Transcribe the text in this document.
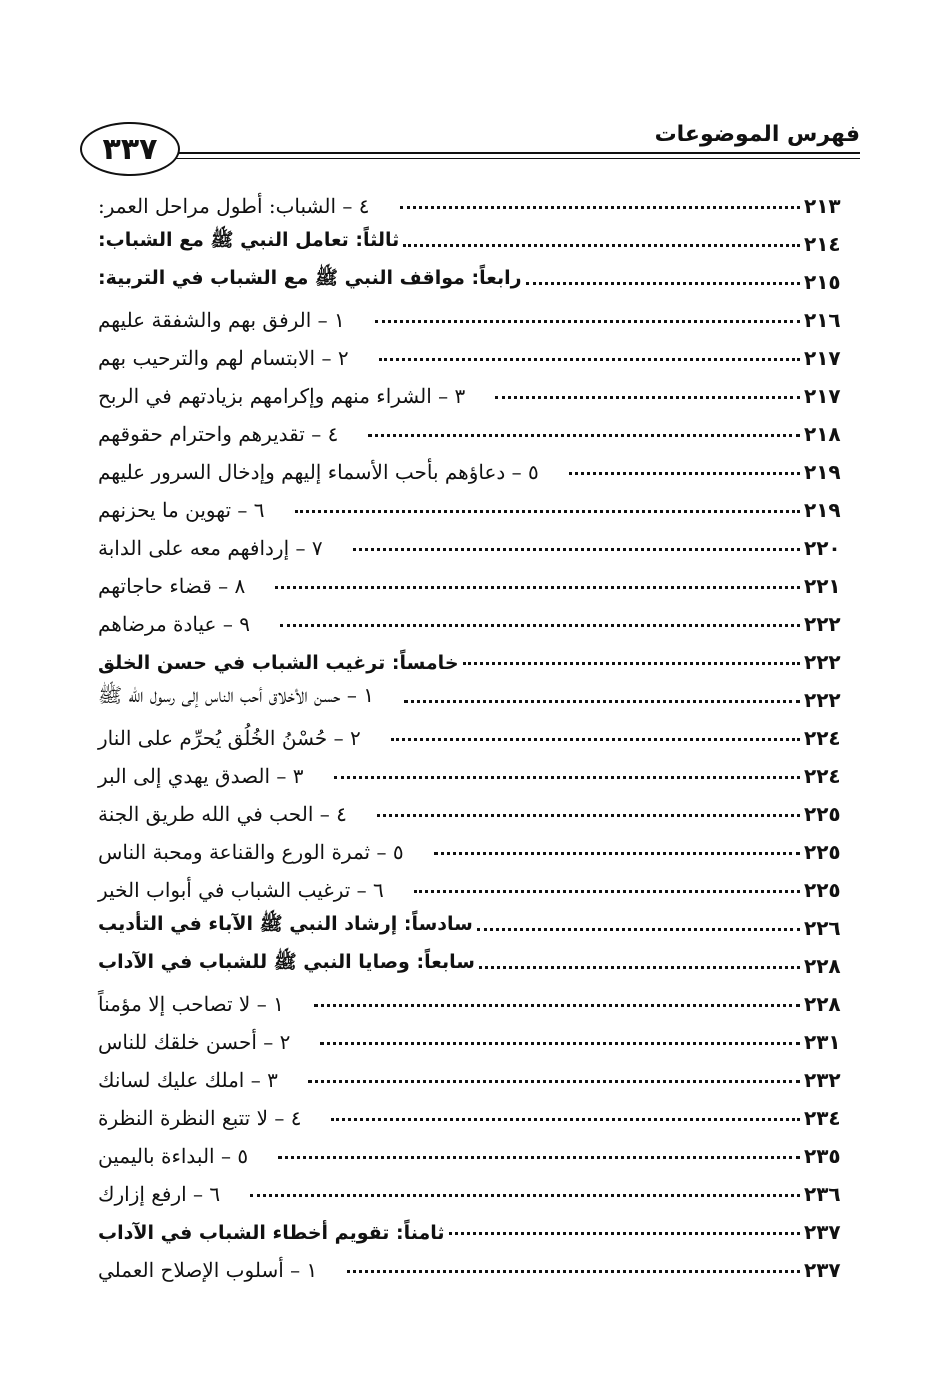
٣٣٧	فهرس الموضوعات
٤ – الشباب: أطول مراحل العمر:	٢١٣
ثالثاً: تعامل النبي ﷺ مع الشباب:	٢١٤
رابعاً: مواقف النبي ﷺ مع الشباب في التربية:	٢١٥
١ – الرفق بهم والشفقة عليهم	٢١٦
٢ – الابتسام لهم والترحيب بهم	٢١٧
٣ – الشراء منهم وإكرامهم بزيادتهم في الربح	٢١٧
٤ – تقديرهم واحترام حقوقهم	٢١٨
٥ – دعاؤهم بأحب الأسماء إليهم وإدخال السرور عليهم	٢١٩
٦ – تهوين ما يحزنهم	٢١٩
٧ – إردافهم معه على الدابة	٢٢٠
٨ – قضاء حاجاتهم	٢٢١
٩ – عيادة مرضاهم	٢٢٢
خامساً: ترغيب الشباب في حسن الخلق	٢٢٢
١ – حسن الأخلاق أحب الناس إلى رسول الله ﷺ	٢٢٢
٢ – حُسْنُ الخُلُق يُحرِّم على النار	٢٢٤
٣ – الصدق يهدي إلى البر	٢٢٤
٤ – الحب في الله طريق الجنة	٢٢٥
٥ – ثمرة الورع والقناعة ومحبة الناس	٢٢٥
٦ – ترغيب الشباب في أبواب الخير	٢٢٥
سادساً: إرشاد النبي ﷺ الآباء في التأديب	٢٢٦
سابعاً: وصايا النبي ﷺ للشباب في الآداب	٢٢٨
١ – لا تصاحب إلا مؤمناً	٢٢٨
٢ – أحسن خلقك للناس	٢٣١
٣ – املك عليك لسانك	٢٣٢
٤ – لا تتبع النظرة النظرة	٢٣٤
٥ – البداءة باليمين	٢٣٥
٦ – ارفع إزارك	٢٣٦
ثامناً: تقويم أخطاء الشباب في الآداب	٢٣٧
١ – أسلوب الإصلاح العملي	٢٣٧
